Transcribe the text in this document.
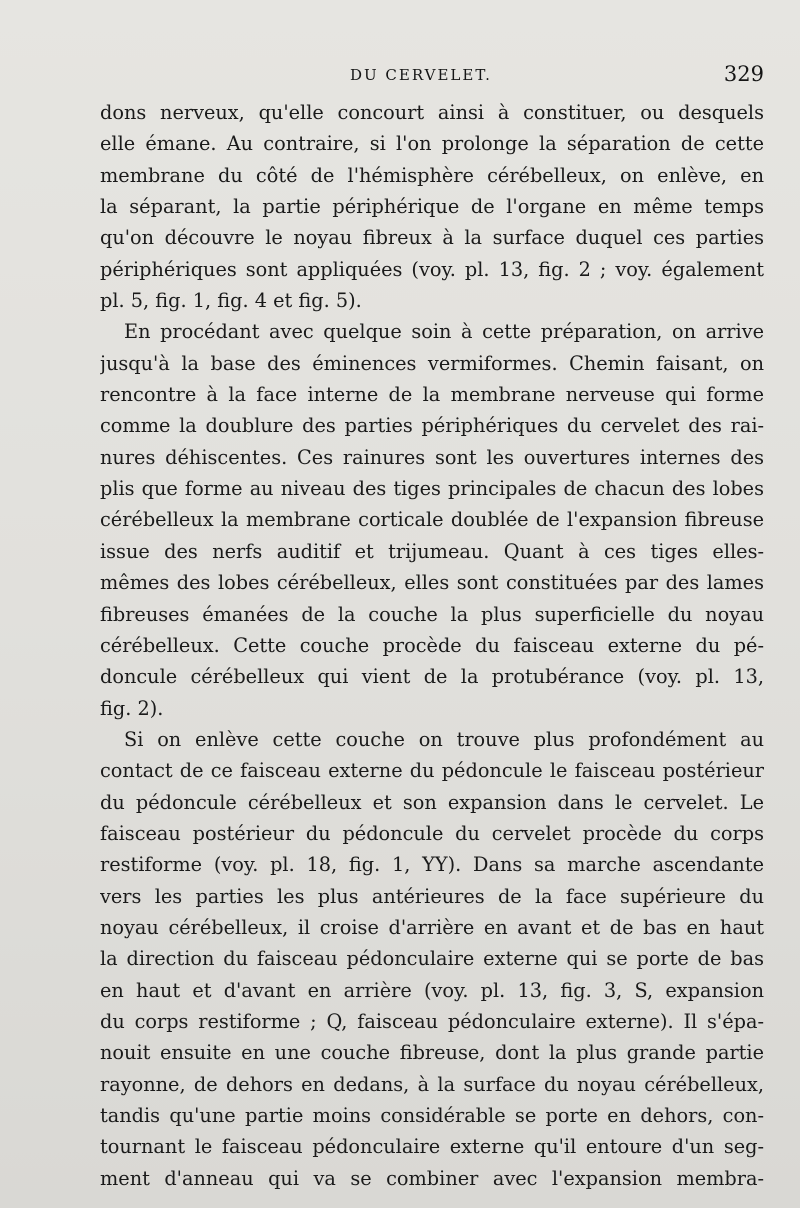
DU CERVELET.	329
dons nerveux, qu'elle concourt ainsi à constituer, ou desquels
elle émane. Au contraire, si l'on prolonge la séparation de cette
membrane du côté de l'hémisphère cérébelleux, on enlève, en
la séparant, la partie périphérique de l'organe en même temps
qu'on découvre le noyau fibreux à la surface duquel ces parties
périphériques sont appliquées (voy. pl. 13, fig. 2 ; voy. également
pl. 5, fig. 1, fig. 4 et fig. 5).
En procédant avec quelque soin à cette préparation, on arrive
jusqu'à la base des éminences vermiformes. Chemin faisant, on
rencontre à la face interne de la membrane nerveuse qui forme
comme la doublure des parties périphériques du cervelet des rai-
nures déhiscentes. Ces rainures sont les ouvertures internes des
plis que forme au niveau des tiges principales de chacun des lobes
cérébelleux la membrane corticale doublée de l'expansion fibreuse
issue des nerfs auditif et trijumeau. Quant à ces tiges elles-
mêmes des lobes cérébelleux, elles sont constituées par des lames
fibreuses émanées de la couche la plus superficielle du noyau
cérébelleux. Cette couche procède du faisceau externe du pé-
doncule cérébelleux qui vient de la protubérance (voy. pl. 13,
fig. 2).
Si on enlève cette couche on trouve plus profondément au
contact de ce faisceau externe du pédoncule le faisceau postérieur
du pédoncule cérébelleux et son expansion dans le cervelet. Le
faisceau postérieur du pédoncule du cervelet procède du corps
restiforme (voy. pl. 18, fig. 1, YY). Dans sa marche ascendante
vers les parties les plus antérieures de la face supérieure du
noyau cérébelleux, il croise d'arrière en avant et de bas en haut
la direction du faisceau pédonculaire externe qui se porte de bas
en haut et d'avant en arrière (voy. pl. 13, fig. 3, S, expansion
du corps restiforme ; Q, faisceau pédonculaire externe). Il s'épa-
nouit ensuite en une couche fibreuse, dont la plus grande partie
rayonne, de dehors en dedans, à la surface du noyau cérébelleux,
tandis qu'une partie moins considérable se porte en dehors, con-
tournant le faisceau pédonculaire externe qu'il entoure d'un seg-
ment d'anneau qui va se combiner avec l'expansion membra-
